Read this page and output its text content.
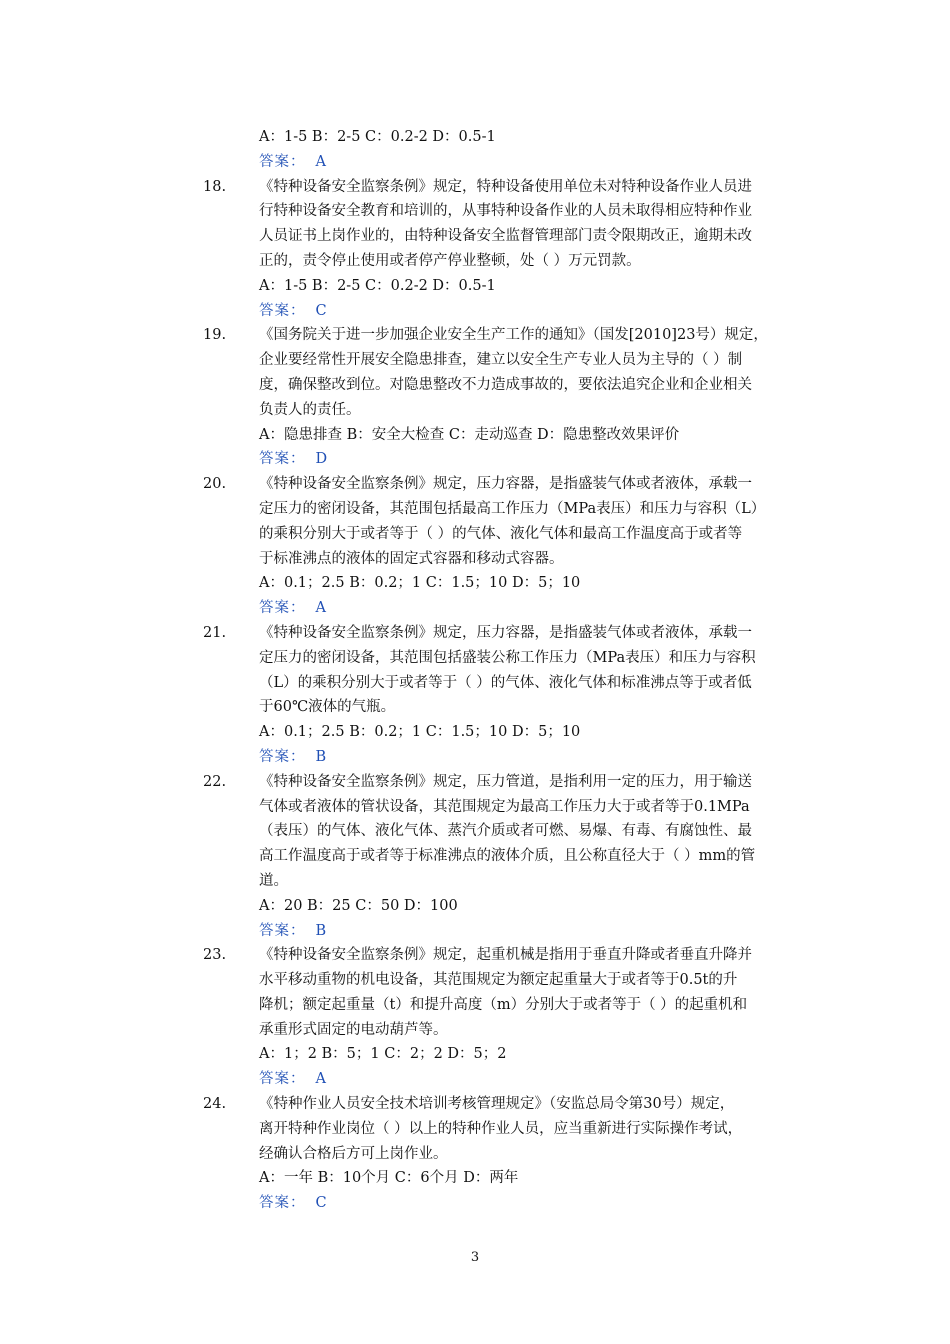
A：1-5 B：2-5 C：0.2-2 D：0.5-1
答案： A
18. 《特种设备安全监察条例》规定，特种设备使用单位未对特种设备作业人员进
行特种设备安全教育和培训的，从事特种设备作业的人员未取得相应特种作业
人员证书上岗作业的，由特种设备安全监督管理部门责令限期改正，逾期未改
正的，责令停止使用或者停产停业整顿，处（ ）万元罚款。
A：1-5 B：2-5 C：0.2-2 D：0.5-1
答案： C
19. 《国务院关于进一步加强企业安全生产工作的通知》（国发[2010]23号）规定，
企业要经常性开展安全隐患排查，建立以安全生产专业人员为主导的（ ）制
度，确保整改到位。对隐患整改不力造成事故的，要依法追究企业和企业相关
负责人的责任。
A：隐患排查 B：安全大检查 C：走动巡查 D：隐患整改效果评价
答案： D
20. 《特种设备安全监察条例》规定，压力容器，是指盛装气体或者液体，承载一
定压力的密闭设备，其范围包括最高工作压力（MPa表压）和压力与容积（L）
的乘积分别大于或者等于（ ）的气体、液化气体和最高工作温度高于或者等
于标准沸点的液体的固定式容器和移动式容器。
A：0.1；2.5 B：0.2；1 C：1.5；10 D：5；10
答案： A
21. 《特种设备安全监察条例》规定，压力容器，是指盛装气体或者液体，承载一
定压力的密闭设备，其范围包括盛装公称工作压力（MPa表压）和压力与容积
（L）的乘积分别大于或者等于（ ）的气体、液化气体和标准沸点等于或者低
于60℃液体的气瓶。
A：0.1；2.5 B：0.2；1 C：1.5；10 D：5；10
答案： B
22. 《特种设备安全监察条例》规定，压力管道，是指利用一定的压力，用于输送
气体或者液体的管状设备，其范围规定为最高工作压力大于或者等于0.1MPa
（表压）的气体、液化气体、蒸汽介质或者可燃、易爆、有毒、有腐蚀性、最
高工作温度高于或者等于标准沸点的液体介质，且公称直径大于（ ）mm的管
道。
A：20 B：25 C：50 D：100
答案： B
23. 《特种设备安全监察条例》规定，起重机械是指用于垂直升降或者垂直升降并
水平移动重物的机电设备，其范围规定为额定起重量大于或者等于0.5t的升
降机；额定起重量（t）和提升高度（m）分别大于或者等于（ ）的起重机和
承重形式固定的电动葫芦等。
A：1；2 B：5；1 C：2；2 D：5；2
答案： A
24. 《特种作业人员安全技术培训考核管理规定》（安监总局令第30号）规定，
离开特种作业岗位（ ）以上的特种作业人员，应当重新进行实际操作考试，
经确认合格后方可上岗作业。
A：一年 B：10个月 C：6个月 D：两年
答案： C
3
